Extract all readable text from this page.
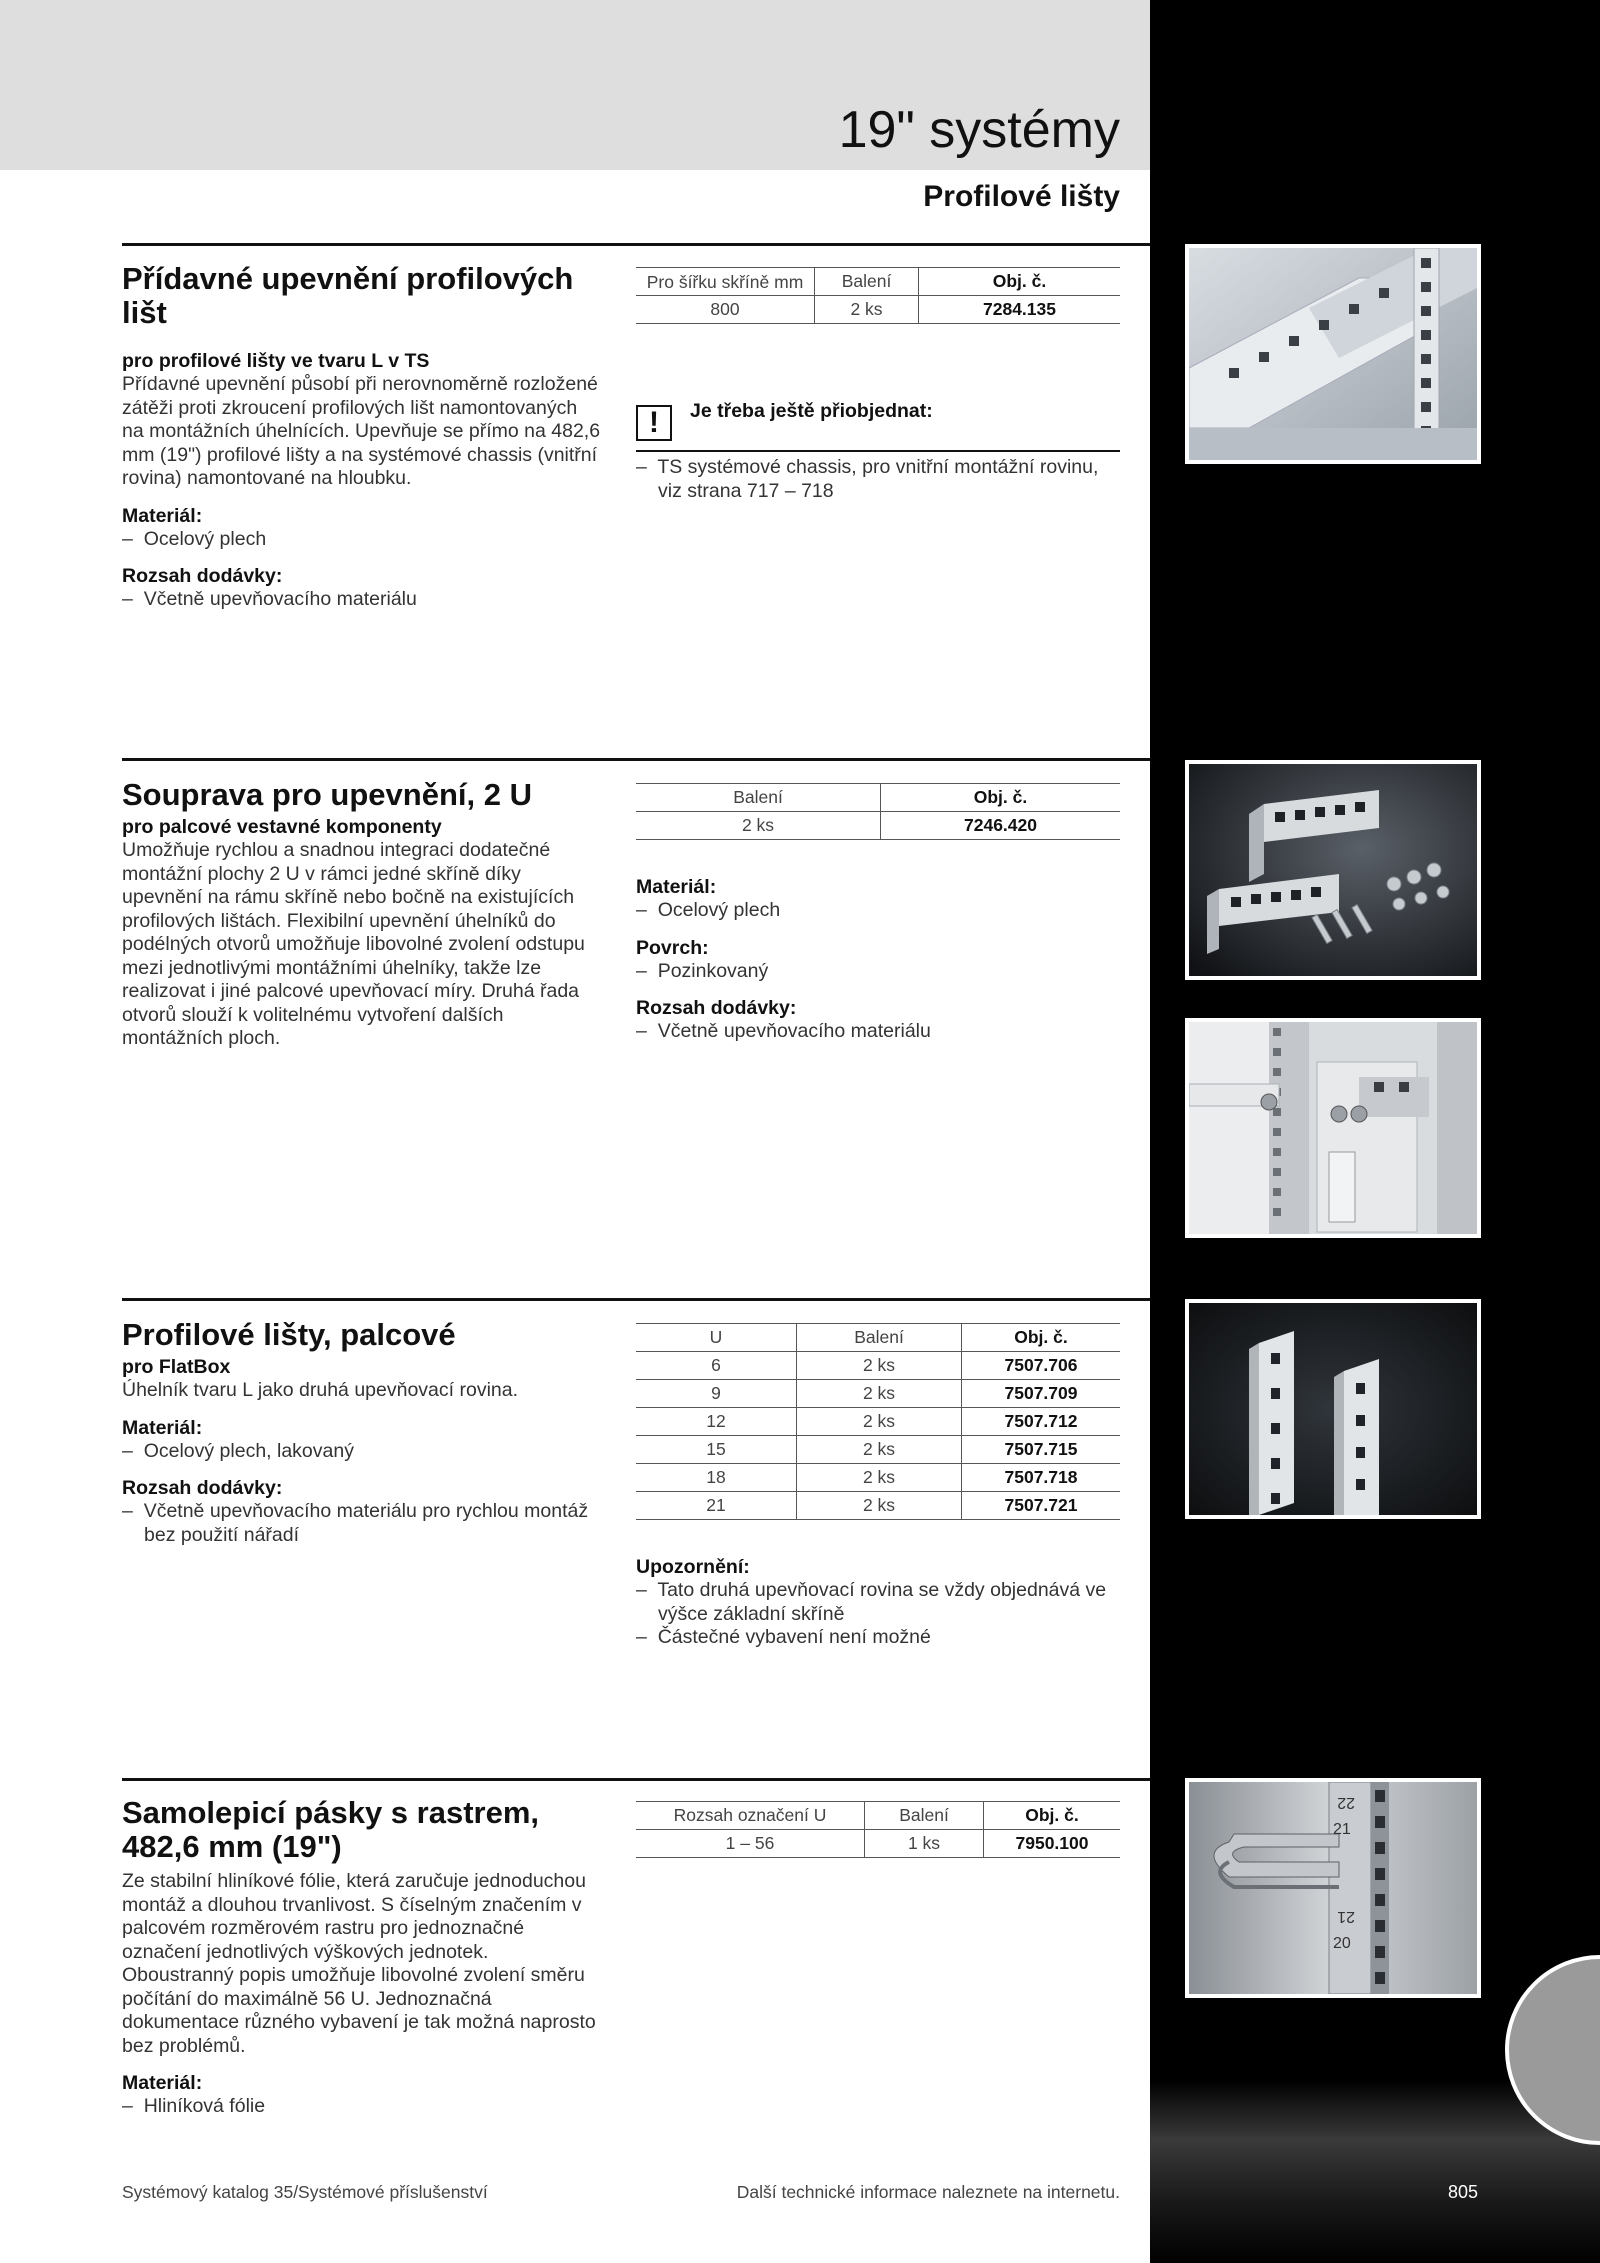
19" systémy
Profilové lišty
Přídavné upevnění profilových lišt
pro profilové lišty ve tvaru L v TS
Přídavné upevnění působí při nerovnoměrně rozložené zátěži proti zkroucení profilových lišt namontovaných na montážních úhelnících. Upevňuje se přímo na 482,6 mm (19") profilové lišty a na systémové chassis (vnitřní rovina) namontované na hloubku.
Materiál:
–  Ocelový plech
Rozsah dodávky:
–  Včetně upevňovacího materiálu
Pro šířku skříně mm	Balení	Obj. č.
800	2 ks	7284.135
!	Je třeba ještě přiobjednat:
–  TS systémové chassis, pro vnitřní montážní rovinu, viz strana 717 – 718
Souprava pro upevnění, 2 U
pro palcové vestavné komponenty
Umožňuje rychlou a snadnou integraci dodatečné montážní plochy 2 U v rámci jedné skříně díky upevnění na rámu skříně nebo bočně na existujících profilových lištách. Flexibilní upevnění úhelníků do podélných otvorů umožňuje libovolné zvolení odstupu mezi jednotlivými montážními úhelníky, takže lze realizovat i jiné palcové upevňovací míry. Druhá řada otvorů slouží k volitelnému vytvoření dalších montážních ploch.
Balení	Obj. č.
2 ks	7246.420
Materiál:
–  Ocelový plech
Povrch:
–  Pozinkovaný
Rozsah dodávky:
–  Včetně upevňovacího materiálu
Profilové lišty, palcové
pro FlatBox
Úhelník tvaru L jako druhá upevňovací rovina.
Materiál:
–  Ocelový plech, lakovaný
Rozsah dodávky:
–  Včetně upevňovacího materiálu pro rychlou montáž bez použití nářadí
U	Balení	Obj. č.
6	2 ks	7507.706
9	2 ks	7507.709
12	2 ks	7507.712
15	2 ks	7507.715
18	2 ks	7507.718
21	2 ks	7507.721
Upozornění:
–  Tato druhá upevňovací rovina se vždy objednává ve výšce základní skříně
–  Částečné vybavení není možné
Samolepicí pásky s rastrem, 482,6 mm (19")
Ze stabilní hliníkové fólie, která zaručuje jednoduchou montáž a dlouhou trvanlivost. S číselným značením v palcovém rozměrovém rastru pro jednoznačné označení jednotlivých výškových jednotek. Oboustranný popis umožňuje libovolné zvolení směru počítání do maximálně 56 U. Jednoznačná dokumentace různého vybavení je tak možná naprosto bez problémů.
Materiál:
–  Hliníková fólie
Rozsah označení U	Balení	Obj. č.
1 – 56	1 ks	7950.100
22
21
21
20
Systémový katalog 35/Systémové příslušenství	Další technické informace naleznete na internetu.	805
